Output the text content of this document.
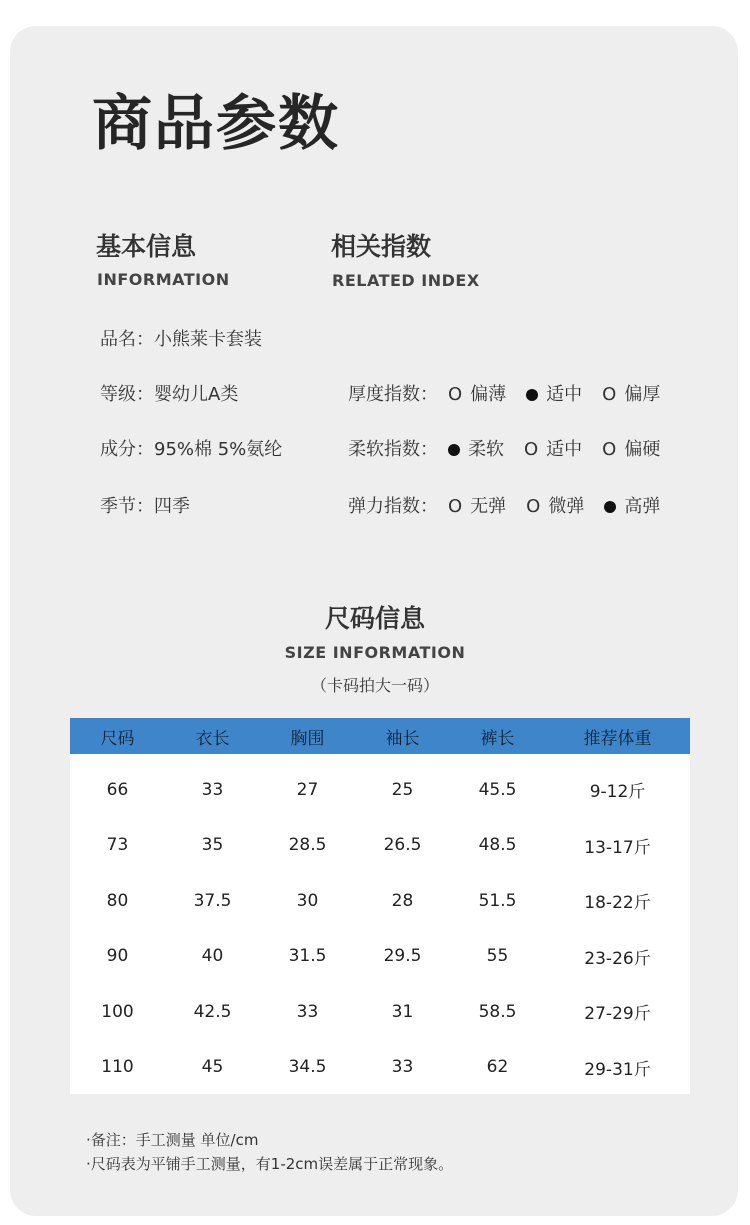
商品参数
基本信息
INFORMATION
相关指数
RELATED INDEX
品名：小熊莱卡套装
等级：婴幼儿A类
成分：95%棉 5%氨纶
季节：四季
厚度指数： O 偏薄 适中 O 偏厚
柔软指数： 柔软 O 适中 O 偏硬
弹力指数： O 无弹 O 微弹 高弹
尺码信息
SIZE INFORMATION
（卡码拍大一码）
尺码	衣长	胸围	袖长	裤长	推荐体重
66	33	27	25	45.5	9-12斤
73	35	28.5	26.5	48.5	13-17斤
80	37.5	30	28	51.5	18-22斤
90	40	31.5	29.5	55	23-26斤
100	42.5	33	31	58.5	27-29斤
110	45	34.5	33	62	29-31斤
·备注：手工测量 单位/cm
·尺码表为平铺手工测量，有1-2cm误差属于正常现象。
